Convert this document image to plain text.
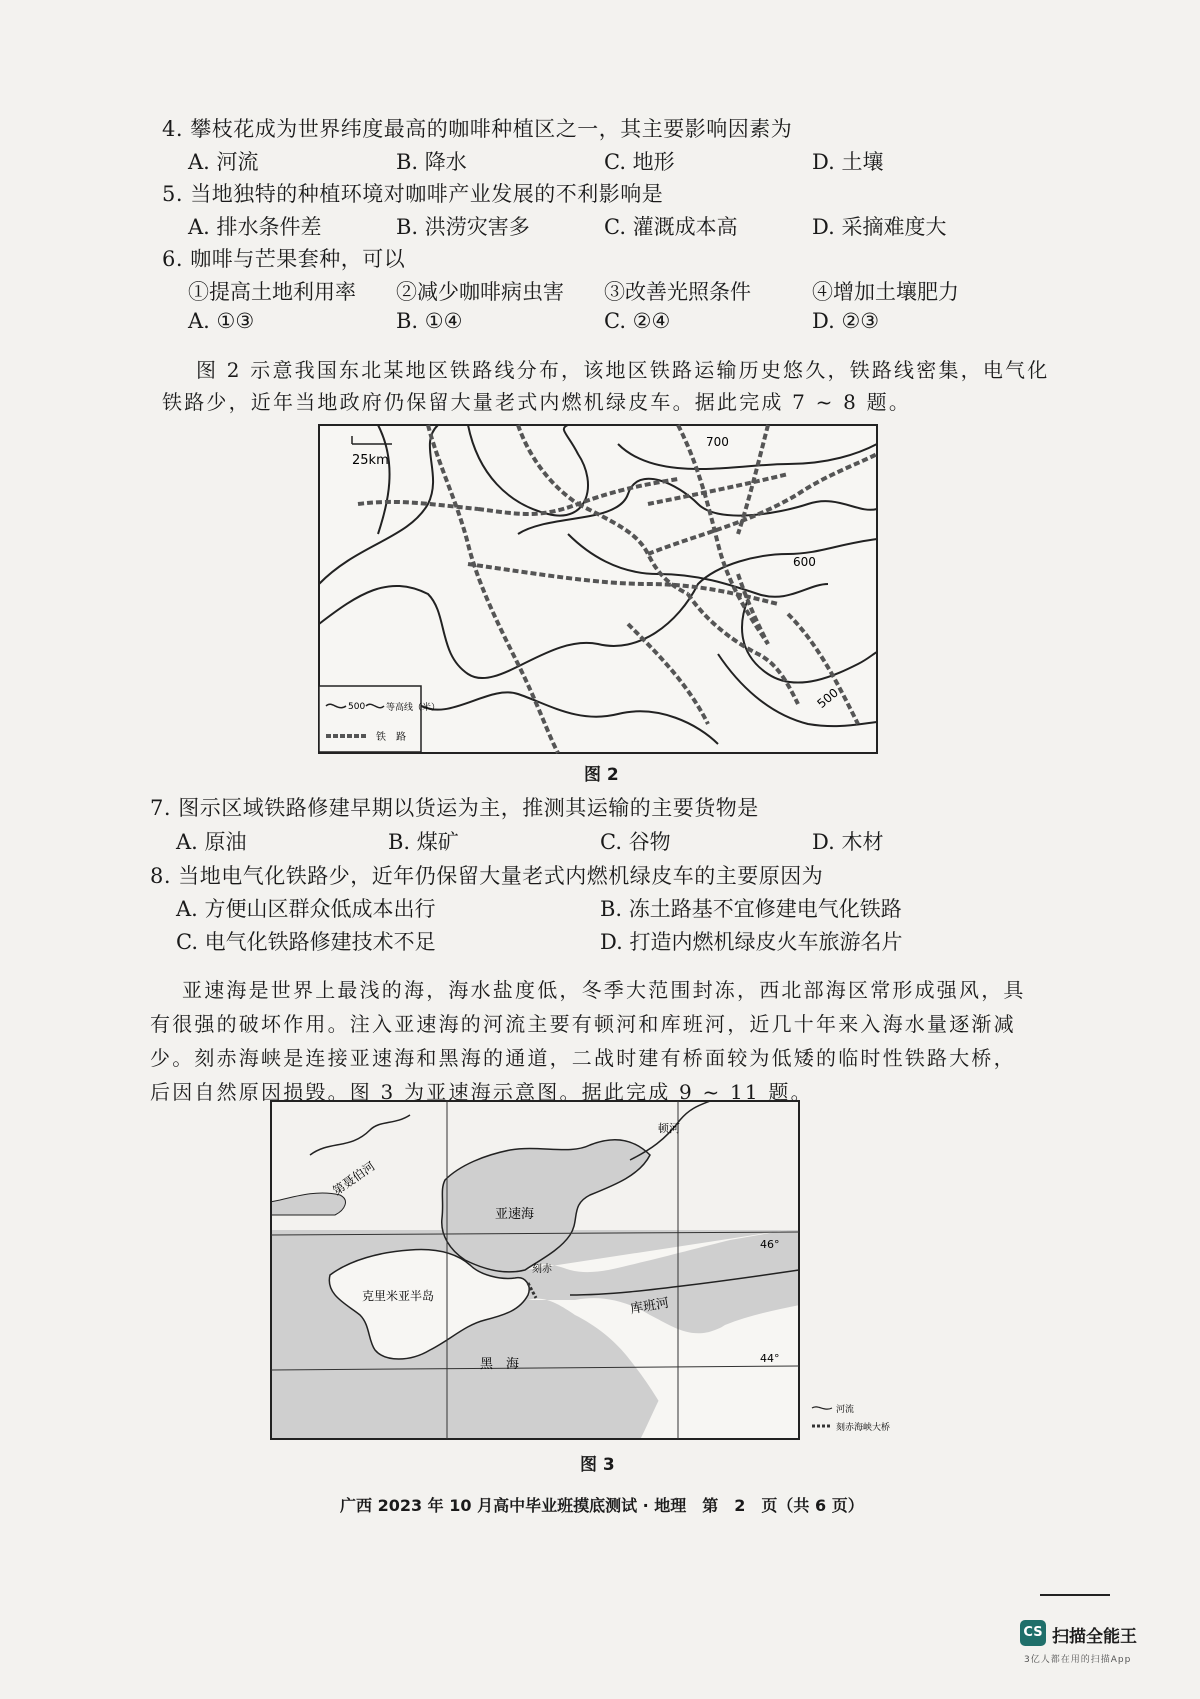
4. 攀枝花成为世界纬度最高的咖啡种植区之一，其主要影响因素为
A. 河流	B. 降水	C. 地形	D. 土壤
5. 当地独特的种植环境对咖啡产业发展的不利影响是
A. 排水条件差	B. 洪涝灾害多	C. 灌溉成本高	D. 采摘难度大
6. 咖啡与芒果套种，可以
①提高土地利用率 ②减少咖啡病虫害 ③改善光照条件	④增加土壤肥力
A. ①③	B. ①④	C. ②④	D. ②③
图 2 示意我国东北某地区铁路线分布，该地区铁路运输历史悠久，铁路线密集，电气化
铁路少，近年当地政府仍保留大量老式内燃机绿皮车。据此完成 7 ~ 8 题。
25km
700
600
500
500 等高线（米）
铁　路
图 2
7. 图示区域铁路修建早期以货运为主，推测其运输的主要货物是
A. 原油	B. 煤矿	C. 谷物	D. 木材
8. 当地电气化铁路少，近年仍保留大量老式内燃机绿皮车的主要原因为
A. 方便山区群众低成本出行	B. 冻土路基不宜修建电气化铁路
C. 电气化铁路修建技术不足	D. 打造内燃机绿皮火车旅游名片
亚速海是世界上最浅的海，海水盐度低，冬季大范围封冻，西北部海区常形成强风，具
有很强的破坏作用。注入亚速海的河流主要有顿河和库班河，近几十年来入海水量逐渐减
少。刻赤海峡是连接亚速海和黑海的通道，二战时建有桥面较为低矮的临时性铁路大桥，
后因自然原因损毁。图 3 为亚速海示意图。据此完成 9 ~ 11 题。
46°
44°
第聂伯河
亚速海
顿河
克里米亚半岛
刻赤
库班河
黑　海
河流
刻赤海峡大桥
图 3
广西 2023 年 10 月高中毕业班摸底测试 · 地理　第　2　页（共 6 页）
CS 扫描全能王
3亿人都在用的扫描App
